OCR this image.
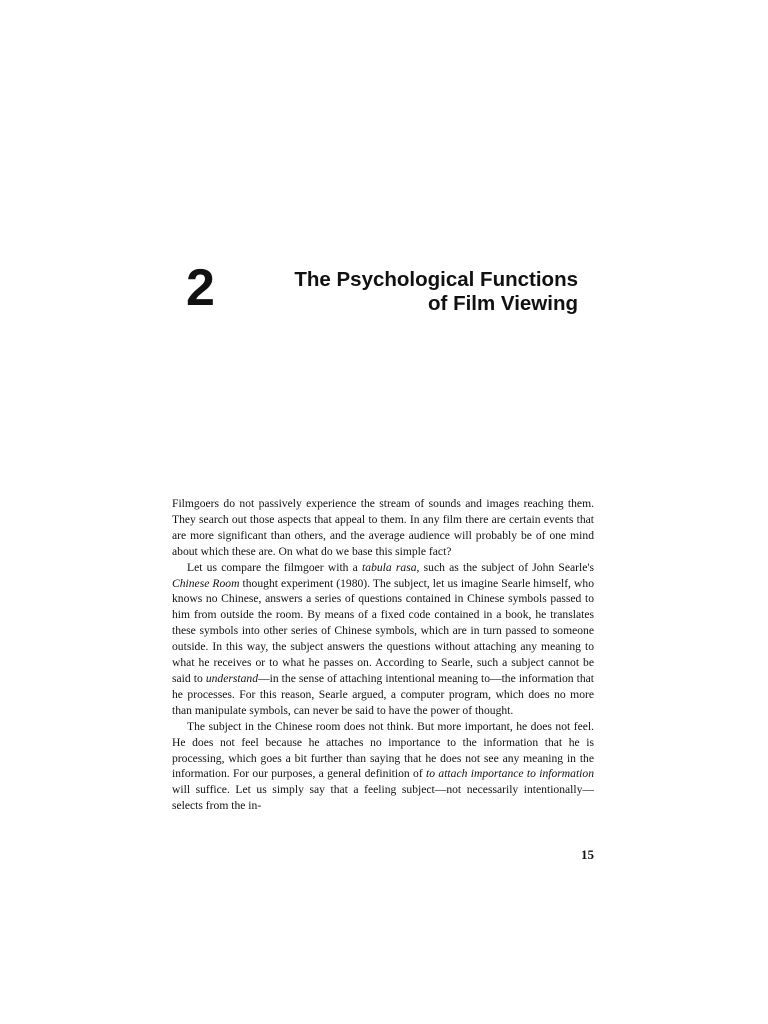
2	The Psychological Functions
of Film Viewing

Filmgoers do not passively experience the stream of sounds and images reaching them. They search out those aspects that appeal to them. In any film there are certain events that are more significant than others, and the average audience will probably be of one mind about which these are. On what do we base this simple fact?

Let us compare the filmgoer with a tabula rasa, such as the subject of John Searle's Chinese Room thought experiment (1980). The subject, let us imagine Searle himself, who knows no Chinese, answers a series of questions contained in Chinese symbols passed to him from outside the room. By means of a fixed code contained in a book, he translates these symbols into other series of Chinese symbols, which are in turn passed to someone outside. In this way, the subject answers the questions without attaching any meaning to what he receives or to what he passes on. According to Searle, such a subject cannot be said to understand—in the sense of attaching intentional meaning to—the information that he processes. For this reason, Searle argued, a computer program, which does no more than manipulate symbols, can never be said to have the power of thought.

The subject in the Chinese room does not think. But more important, he does not feel. He does not feel because he attaches no importance to the information that he is processing, which goes a bit further than saying that he does not see any meaning in the information. For our purposes, a general definition of to attach importance to information will suffice. Let us simply say that a feeling subject—not necessarily intentionally—selects from the in-

15
